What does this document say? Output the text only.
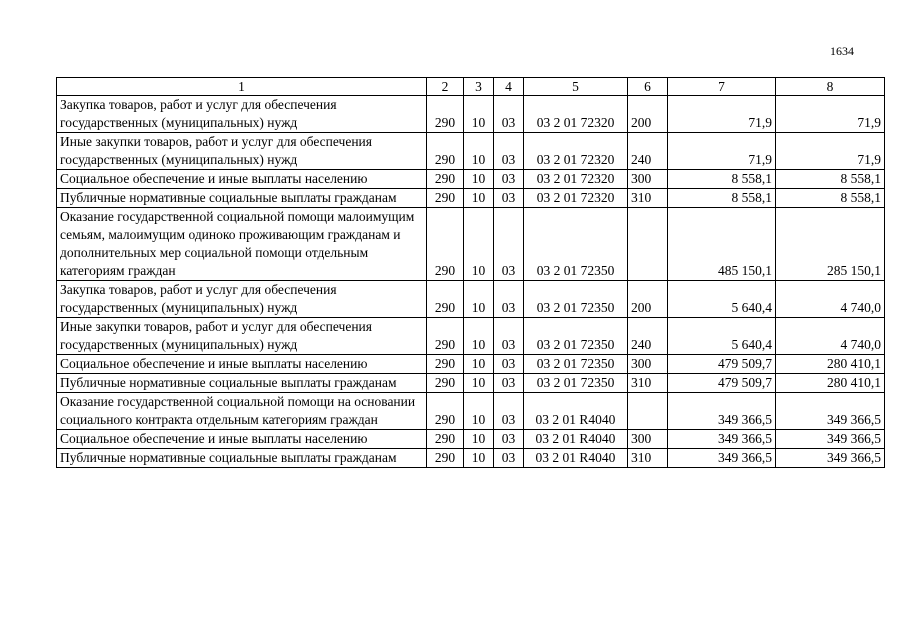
1634
1	2	3	4	5	6	7	8
Закупка товаров, работ и услуг для обеспечения государственных (муниципальных) нужд	290	10	03	03 2 01 72320	200	71,9	71,9
Иные закупки товаров, работ и услуг для обеспечения государственных (муниципальных) нужд	290	10	03	03 2 01 72320	240	71,9	71,9
Социальное обеспечение и иные выплаты населению	290	10	03	03 2 01 72320	300	8 558,1	8 558,1
Публичные нормативные социальные выплаты гражданам	290	10	03	03 2 01 72320	310	8 558,1	8 558,1
Оказание государственной социальной помощи малоимущим семьям, малоимущим одиноко проживающим гражданам и дополнительных мер социальной помощи отдельным категориям граждан	290	10	03	03 2 01 72350		485 150,1	285 150,1
Закупка товаров, работ и услуг для обеспечения государственных (муниципальных) нужд	290	10	03	03 2 01 72350	200	5 640,4	4 740,0
Иные закупки товаров, работ и услуг для обеспечения государственных (муниципальных) нужд	290	10	03	03 2 01 72350	240	5 640,4	4 740,0
Социальное обеспечение и иные выплаты населению	290	10	03	03 2 01 72350	300	479 509,7	280 410,1
Публичные нормативные социальные выплаты гражданам	290	10	03	03 2 01 72350	310	479 509,7	280 410,1
Оказание государственной социальной помощи на основании социального контракта отдельным категориям граждан	290	10	03	03 2 01 R4040		349 366,5	349 366,5
Социальное обеспечение и иные выплаты населению	290	10	03	03 2 01 R4040	300	349 366,5	349 366,5
Публичные нормативные социальные выплаты гражданам	290	10	03	03 2 01 R4040	310	349 366,5	349 366,5
